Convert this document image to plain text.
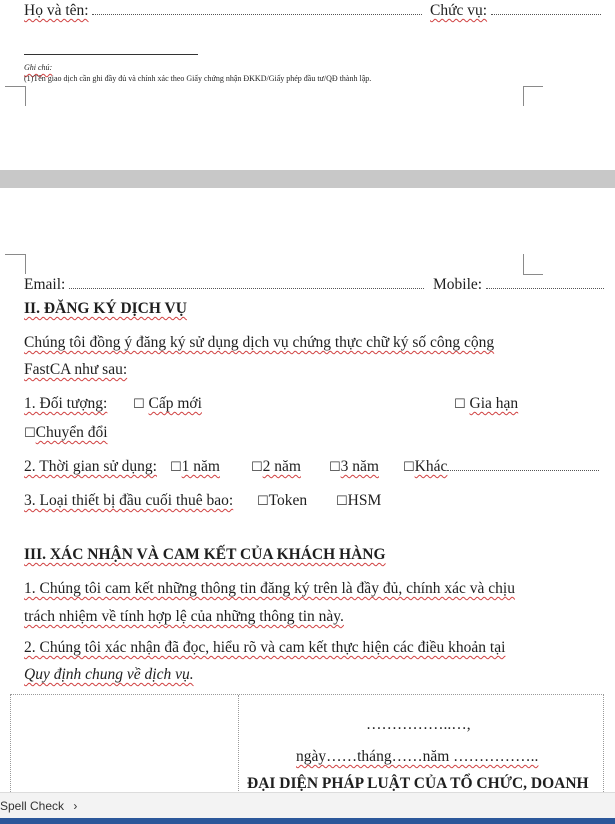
Họ và tên:	Chức vụ:
Ghi chú:
(1)Tên giao dịch cần ghi đầy đủ và chính xác theo Giấy chứng nhận ĐKKD/Giấy phép đầu tư/QĐ thành lập.
Email:	Mobile:
II. ĐĂNG KÝ DỊCH VỤ
Chúng tôi đồng ý đăng ký sử dụng dịch vụ chứng thực chữ ký số công cộng
FastCA như sau:
1. Đối tượng: ☐ Cấp mới	☐ Gia hạn
☐Chuyển đổi
2. Thời gian sử dụng: ☐1 năm ☐2 năm ☐3 năm ☐Khác
3. Loại thiết bị đầu cuối thuê bao: ☐Token ☐HSM
III. XÁC NHẬN VÀ CAM KẾT CỦA KHÁCH HÀNG
1. Chúng tôi cam kết những thông tin đăng ký trên là đầy đủ, chính xác và chịu
trách nhiệm về tính hợp lệ của những thông tin này.
2. Chúng tôi xác nhận đã đọc, hiểu rõ và cam kết thực hiện các điều khoản tại
Quy định chung về dịch vụ.
……………..…,
ngày……tháng……năm ……………..
ĐẠI DIỆN PHÁP LUẬT CỦA TỔ CHỨC, DOANH
Spell Check ›
